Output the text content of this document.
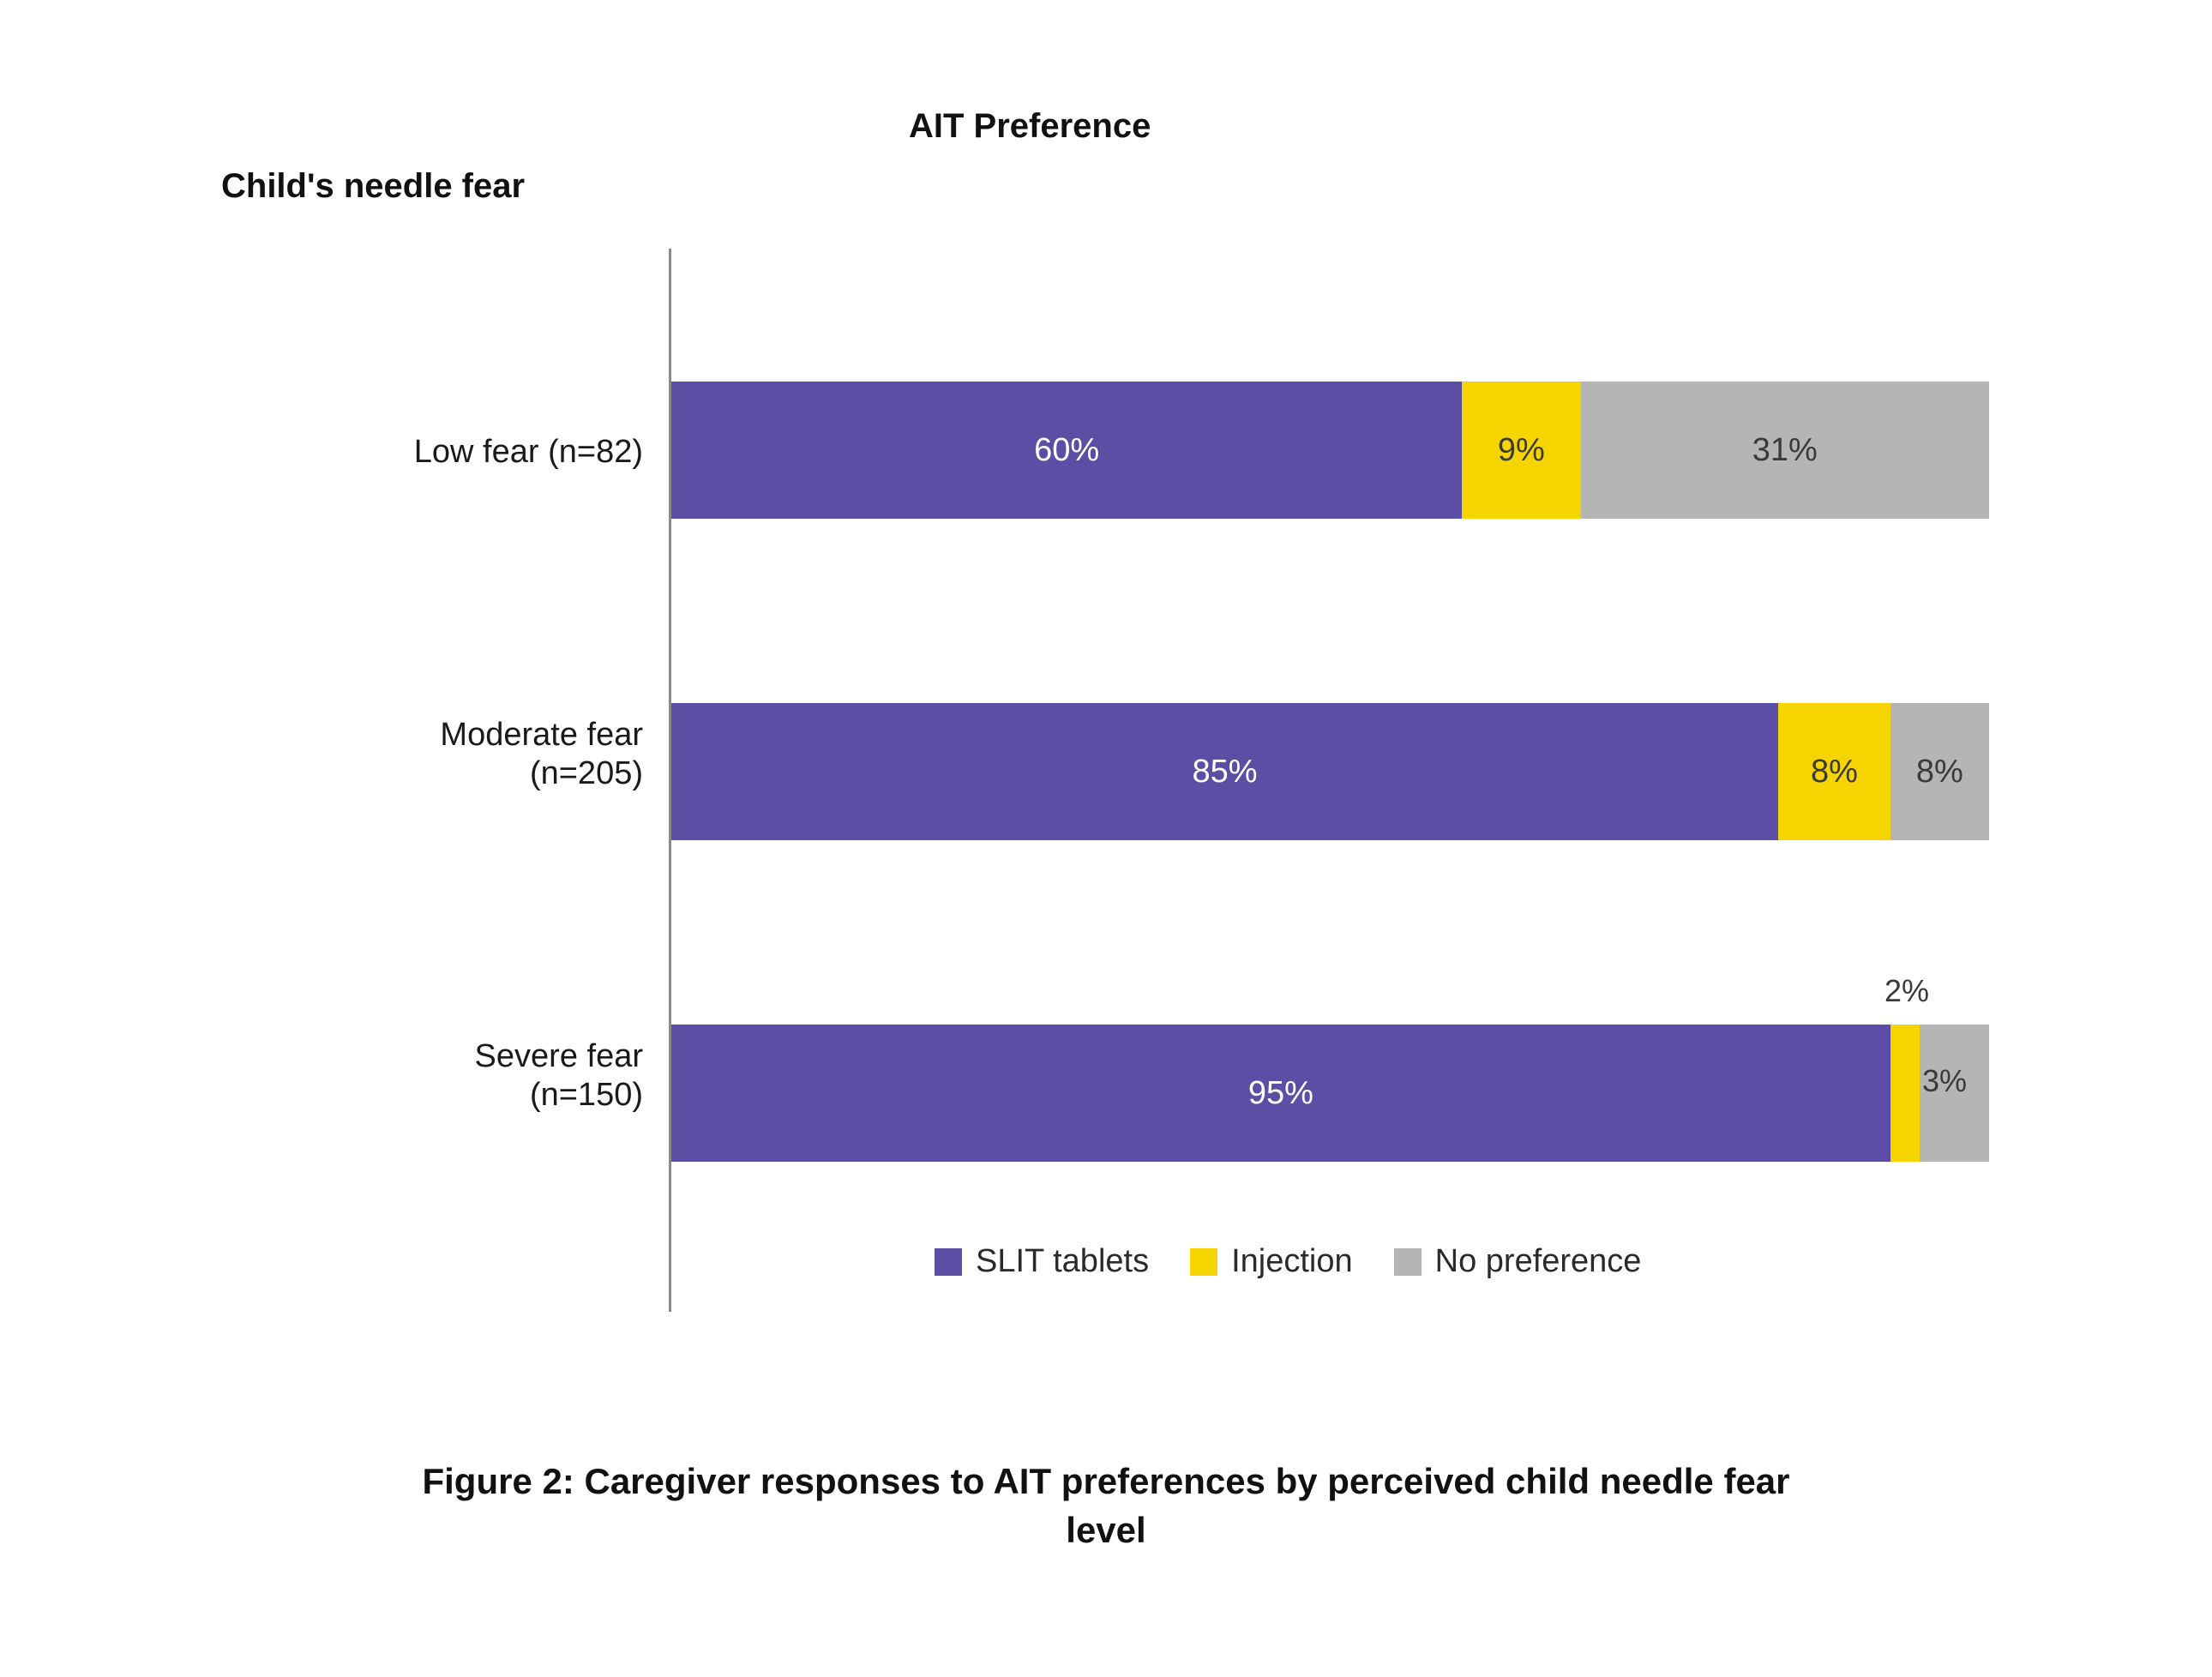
AIT Preference
Child's needle fear
Low fear (n=82)
Moderate fear
(n=205)
Severe fear
(n=150)
60%	9%	31%
85%	8% 8%
95%
2%
3%
SLIT tablets	Injection	No preference
Figure 2: Caregiver responses to AIT preferences by perceived child needle fear level
